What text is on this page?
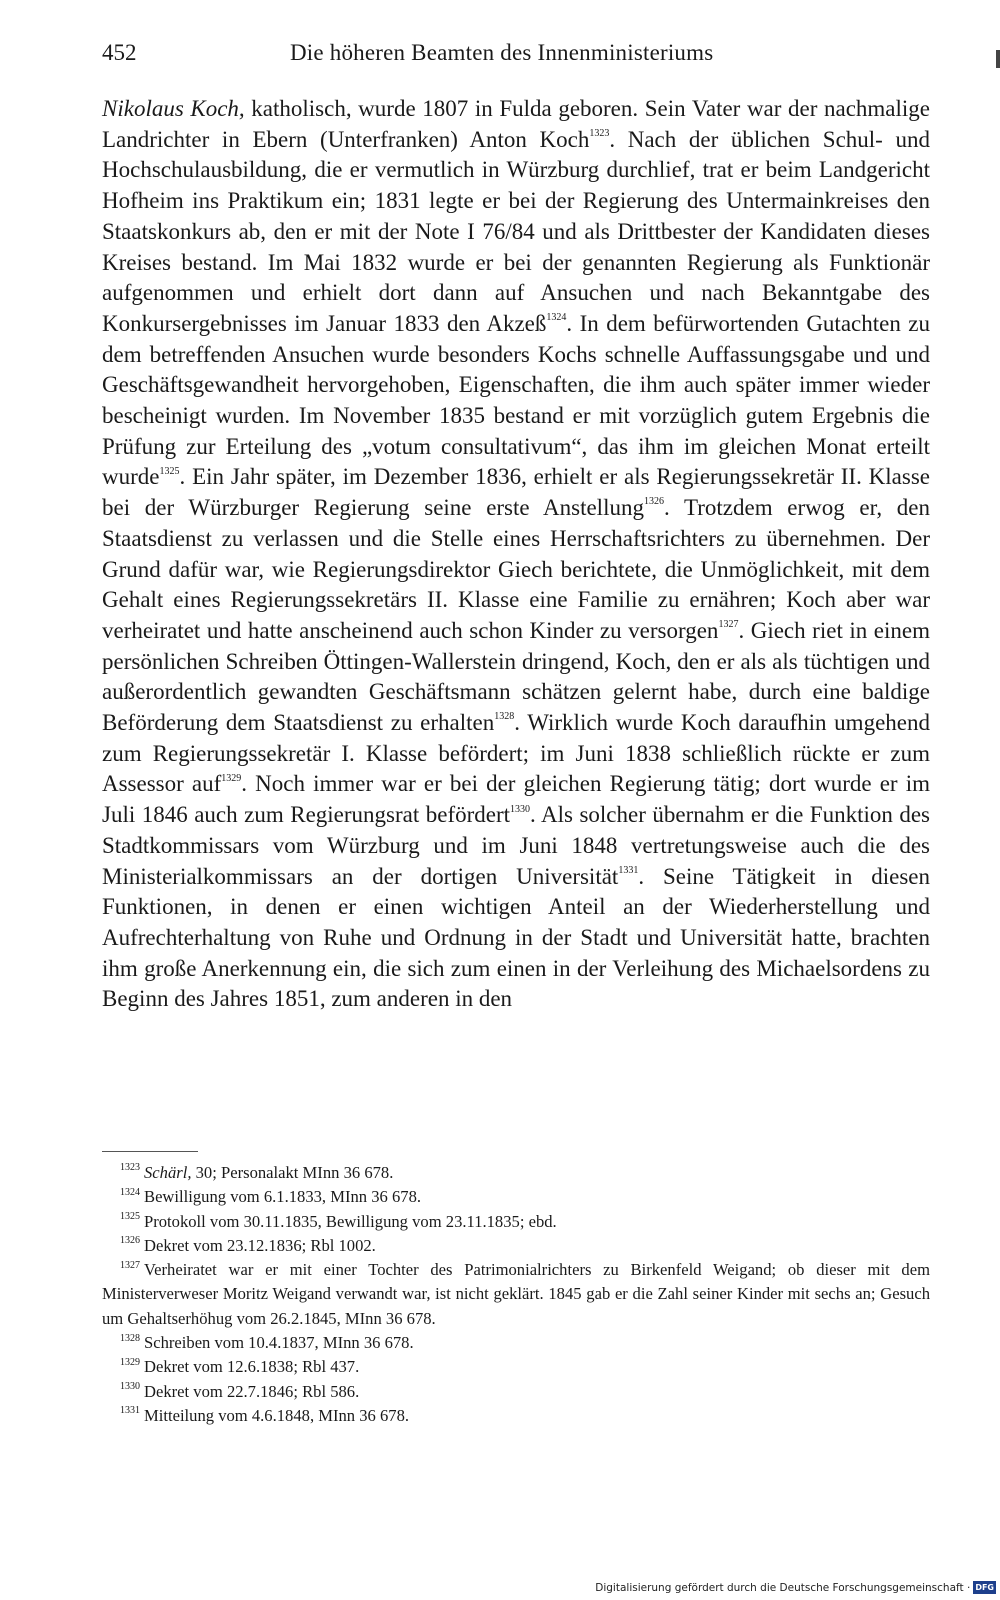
452	Die höheren Beamten des Innenministeriums

Nikolaus Koch, katholisch, wurde 1807 in Fulda geboren. Sein Vater war der nachmalige Landrichter in Ebern (Unterfranken) Anton Koch$^{1323}$. Nach der üblichen Schul- und Hochschulausbildung, die er vermutlich in Würzburg durchlief, trat er beim Landgericht Hofheim ins Praktikum ein; 1831 legte er bei der Regierung des Untermainkreises den Staatskonkurs ab, den er mit der Note I 76/84 und als Drittbester der Kandidaten dieses Kreises bestand. Im Mai 1832 wurde er bei der genannten Regierung als Funktionär aufgenommen und erhielt dort dann auf Ansuchen und nach Bekanntgabe des Konkursergebnisses im Januar 1833 den Akzeß$^{1324}$. In dem befürwortenden Gutachten zu dem betreffenden Ansuchen wurde besonders Kochs schnelle Auffassungsgabe und und Geschäftsgewandheit hervorgehoben, Eigenschaften, die ihm auch später immer wieder bescheinigt wurden. Im November 1835 bestand er mit vorzüglich gutem Ergebnis die Prüfung zur Erteilung des „votum consultativum“, das ihm im gleichen Monat erteilt wurde$^{1325}$. Ein Jahr später, im Dezember 1836, erhielt er als Regierungssekretär II. Klasse bei der Würzburger Regierung seine erste Anstellung$^{1326}$. Trotzdem erwog er, den Staatsdienst zu verlassen und die Stelle eines Herrschaftsrichters zu übernehmen. Der Grund dafür war, wie Regierungsdirektor Giech berichtete, die Unmöglichkeit, mit dem Gehalt eines Regierungssekretärs II. Klasse eine Familie zu ernähren; Koch aber war verheiratet und hatte anscheinend auch schon Kinder zu versorgen$^{1327}$. Giech riet in einem persönlichen Schreiben Öttingen-Wallerstein dringend, Koch, den er als als tüchtigen und außerordentlich gewandten Geschäftsmann schätzen gelernt habe, durch eine baldige Beförderung dem Staatsdienst zu erhalten$^{1328}$. Wirklich wurde Koch daraufhin umgehend zum Regierungssekretär I. Klasse befördert; im Juni 1838 schließlich rückte er zum Assessor auf$^{1329}$. Noch immer war er bei der gleichen Regierung tätig; dort wurde er im Juli 1846 auch zum Regierungsrat befördert$^{1330}$. Als solcher übernahm er die Funktion des Stadtkommissars vom Würzburg und im Juni 1848 vertretungsweise auch die des Ministerialkommissars an der dortigen Universität$^{1331}$. Seine Tätigkeit in diesen Funktionen, in denen er einen wichtigen Anteil an der Wiederherstellung und Aufrechterhaltung von Ruhe und Ordnung in der Stadt und Universität hatte, brachten ihm große Anerkennung ein, die sich zum einen in der Verleihung des Michaelsordens zu Beginn des Jahres 1851, zum anderen in den

$^{1323}$ Schärl, 30; Personalakt MInn 36 678.
$^{1324}$ Bewilligung vom 6.1.1833, MInn 36 678.
$^{1325}$ Protokoll vom 30.11.1835, Bewilligung vom 23.11.1835; ebd.
$^{1326}$ Dekret vom 23.12.1836; Rbl 1002.
$^{1327}$ Verheiratet war er mit einer Tochter des Patrimonialrichters zu Birkenfeld Weigand; ob dieser mit dem Ministerverweser Moritz Weigand verwandt war, ist nicht geklärt. 1845 gab er die Zahl seiner Kinder mit sechs an; Gesuch um Gehaltserhöhug vom 26.2.1845, MInn 36 678.
$^{1328}$ Schreiben vom 10.4.1837, MInn 36 678.
$^{1329}$ Dekret vom 12.6.1838; Rbl 437.
$^{1330}$ Dekret vom 22.7.1846; Rbl 586.
$^{1331}$ Mitteilung vom 4.6.1848, MInn 36 678.
Digitalisierung gefördert durch die Deutsche Forschungsgemeinschaft · DFG
